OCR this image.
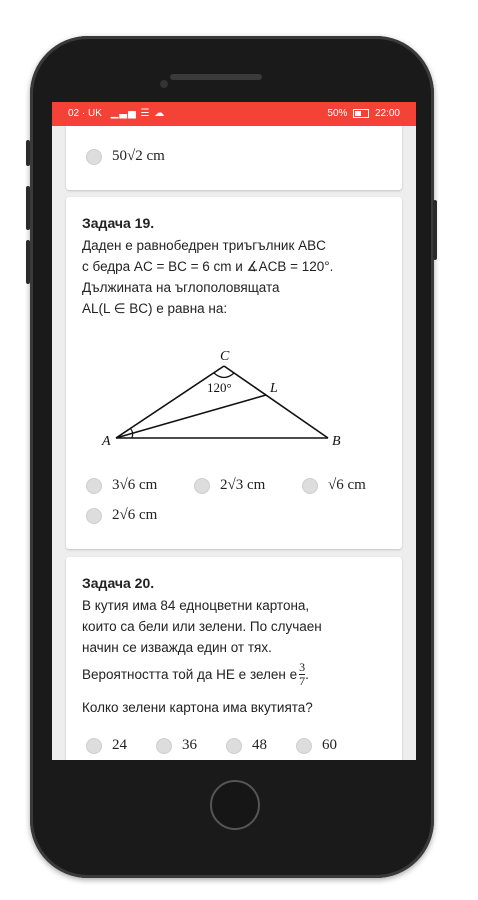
50√2 cm
Задача 19.
Даден е равнобедрен триъгълник ABC
с бедра AC = BC = 6 cm и ∡ACB = 120°.
Дължината на ъглополовящата
AL(L ∈ BC) е равна на:
C
L
A	B
120°
3√6 cm	2√3 cm	√6 cm
2√6 cm
Задача 20.
В кутия има 84 едноцветни картона,
които са бели или зелени. По случаен
начин се изважда един от тях.
Вероятността той да НЕ е зелен е $\frac{3}{7}$ .
Колко зелени картона има вкутията?
24	36	48	60
02 · UK ▁▃▅ ☰ ☁	50%	22:00
